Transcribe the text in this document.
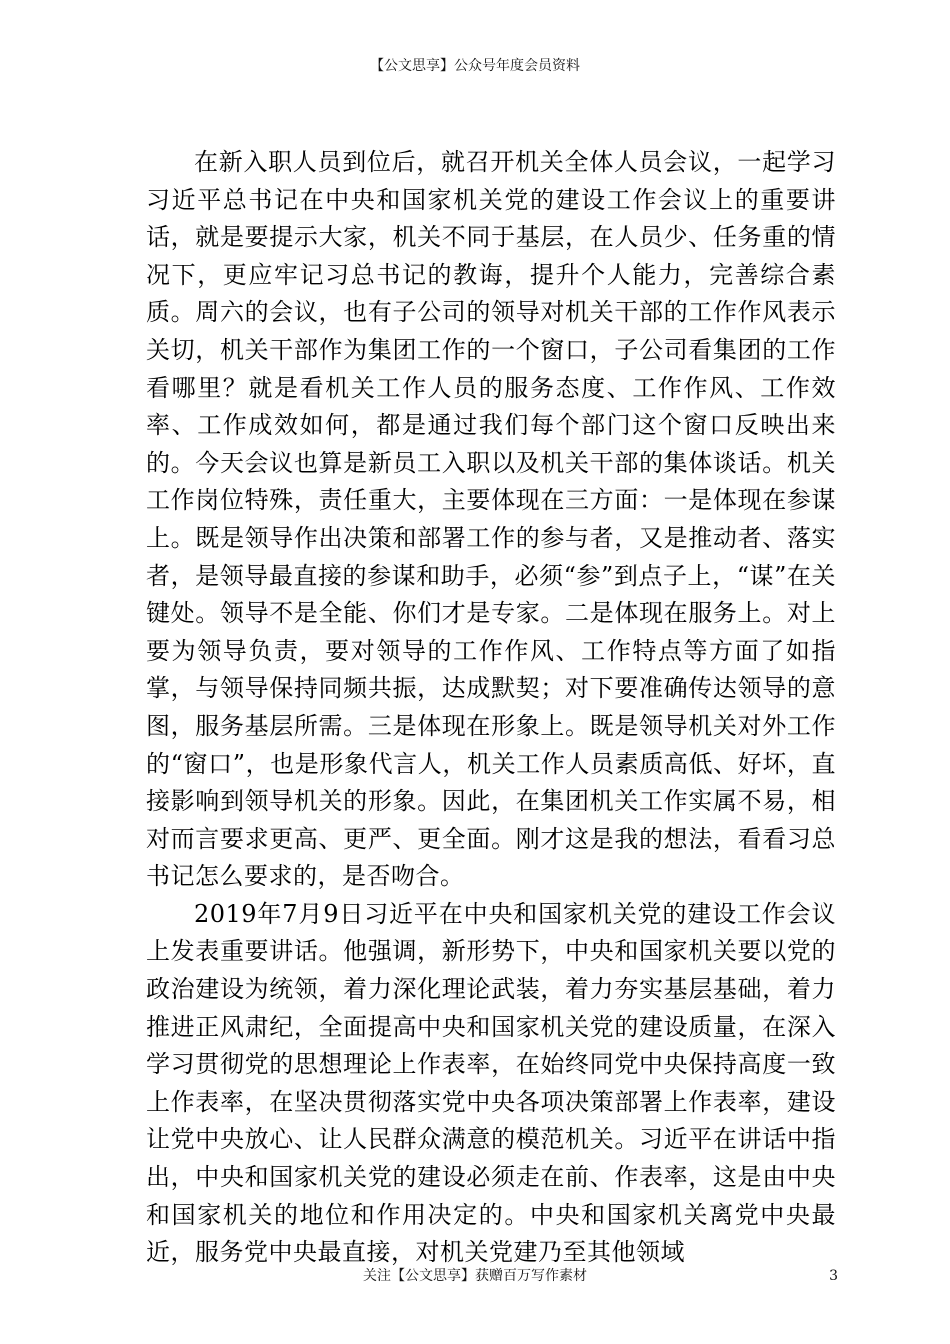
【公文思享】公众号年度会员资料

在新入职人员到位后，就召开机关全体人员会议，一起学习习近平总书记在中央和国家机关党的建设工作会议上的重要讲话，就是要提示大家，机关不同于基层，在人员少、任务重的情况下，更应牢记习总书记的教诲，提升个人能力，完善综合素质。周六的会议，也有子公司的领导对机关干部的工作作风表示关切，机关干部作为集团工作的一个窗口，子公司看集团的工作看哪里？就是看机关工作人员的服务态度、工作作风、工作效率、工作成效如何，都是通过我们每个部门这个窗口反映出来的。今天会议也算是新员工入职以及机关干部的集体谈话。机关工作岗位特殊，责任重大，主要体现在三方面：一是体现在参谋上。既是领导作出决策和部署工作的参与者，又是推动者、落实者，是领导最直接的参谋和助手，必须“参”到点子上，“谋”在关键处。领导不是全能、你们才是专家。二是体现在服务上。对上要为领导负责，要对领导的工作作风、工作特点等方面了如指掌，与领导保持同频共振，达成默契；对下要准确传达领导的意图，服务基层所需。三是体现在形象上。既是领导机关对外工作的“窗口”，也是形象代言人，机关工作人员素质高低、好坏，直接影响到领导机关的形象。因此，在集团机关工作实属不易，相对而言要求更高、更严、更全面。刚才这是我的想法，看看习总书记怎么要求的，是否吻合。

2019年7月9日习近平在中央和国家机关党的建设工作会议上发表重要讲话。他强调，新形势下，中央和国家机关要以党的政治建设为统领，着力深化理论武装，着力夯实基层基础，着力推进正风肃纪，全面提高中央和国家机关党的建设质量，在深入学习贯彻党的思想理论上作表率，在始终同党中央保持高度一致上作表率，在坚决贯彻落实党中央各项决策部署上作表率，建设让党中央放心、让人民群众满意的模范机关。习近平在讲话中指出，中央和国家机关党的建设必须走在前、作表率，这是由中央和国家机关的地位和作用决定的。中央和国家机关离党中央最近，服务党中央最直接，对机关党建乃至其他领域

关注【公文思享】获赠百万写作素材	3
